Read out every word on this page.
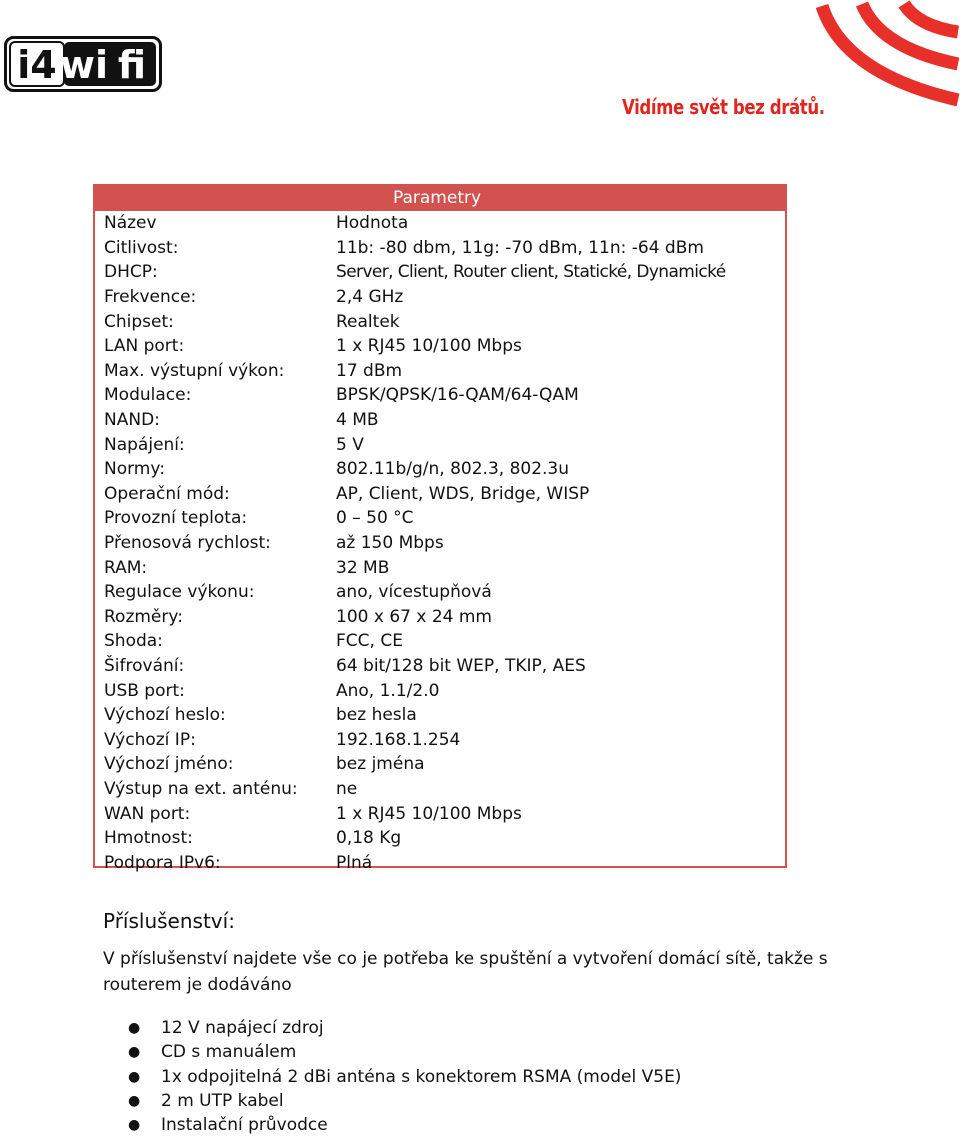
i4 wi fi
Vidíme svět bez drátů.
Parametry
Název	Hodnota
Citlivost:	11b: -80 dbm, 11g: -70 dBm, 11n: -64 dBm
DHCP:	Server, Client, Router client, Statické, Dynamické
Frekvence:	2,4 GHz
Chipset:	Realtek
LAN port:	1 x RJ45 10/100 Mbps
Max. výstupní výkon:	17 dBm
Modulace:	BPSK/QPSK/16-QAM/64-QAM
NAND:	4 MB
Napájení:	5 V
Normy:	802.11b/g/n, 802.3, 802.3u
Operační mód:	AP, Client, WDS, Bridge, WISP
Provozní teplota:	0 – 50 °C
Přenosová rychlost:	až 150 Mbps
RAM:	32 MB
Regulace výkonu:	ano, vícestupňová
Rozměry:	100 x 67 x 24 mm
Shoda:	FCC, CE
Šifrování:	64 bit/128 bit WEP, TKIP, AES
USB port:	Ano, 1.1/2.0
Výchozí heslo:	bez hesla
Výchozí IP:	192.168.1.254
Výchozí jméno:	bez jména
Výstup na ext. anténu:	ne
WAN port:	1 x RJ45 10/100 Mbps
Hmotnost:	0,18 Kg
Podpora IPv6:	Plná
Příslušenství:
V příslušenství najdete vše co je potřeba ke spuštění a vytvoření domácí sítě, takže s routerem je dodáváno
●	12 V napájecí zdroj
●	CD s manuálem
●	1x odpojitelná 2 dBi anténa s konektorem RSMA (model V5E)
●	2 m UTP kabel
●	Instalační průvodce
